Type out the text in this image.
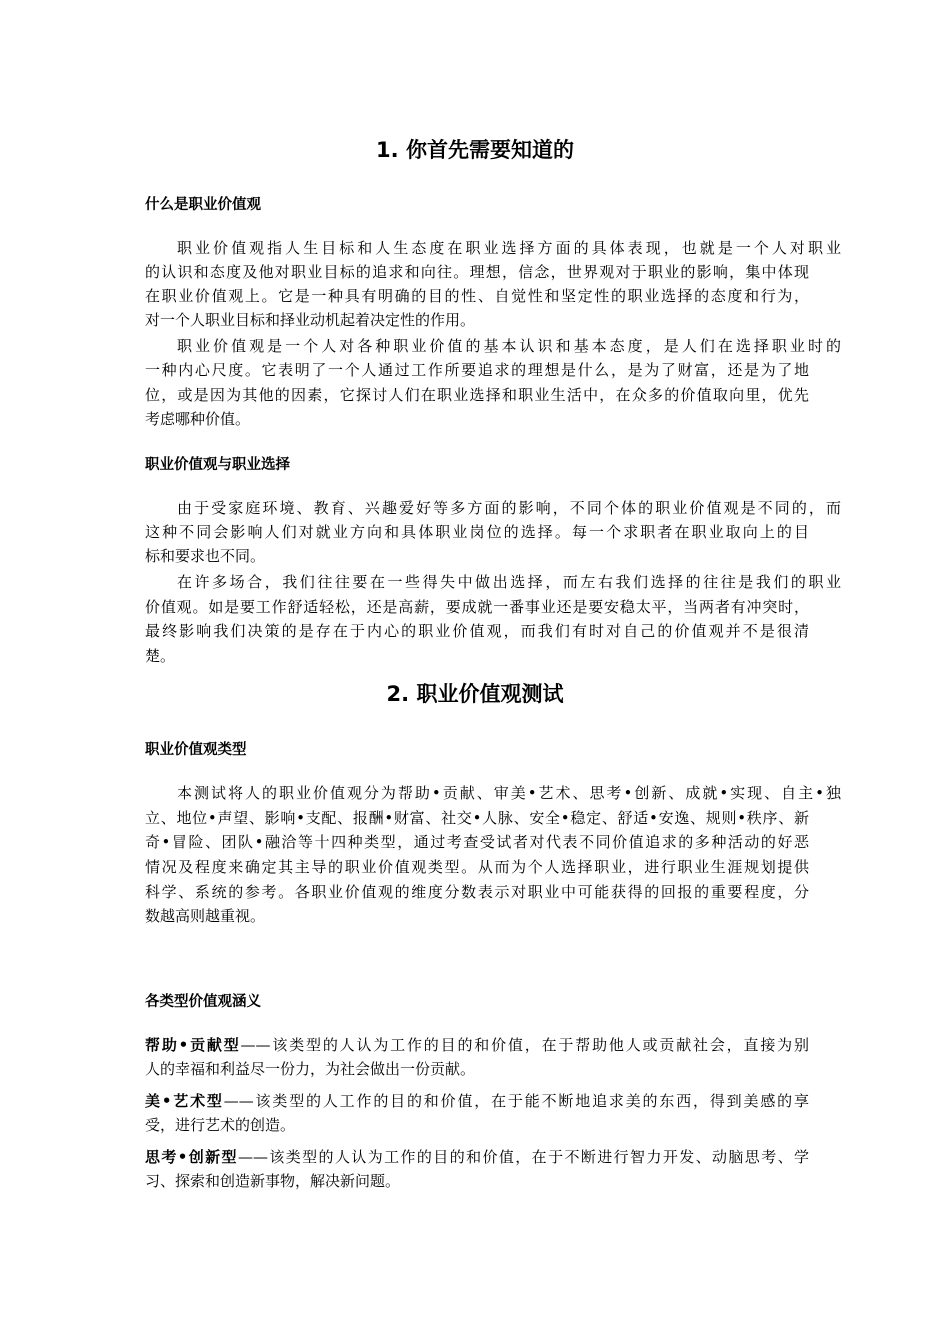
1. 你首先需要知道的
什么是职业价值观
职业价值观指人生目标和人生态度在职业选择方面的具体表现，也就是一个人对职业
的认识和态度及他对职业目标的追求和向往。理想，信念，世界观对于职业的影响，集中体现
在职业价值观上。它是一种具有明确的目的性、自觉性和坚定性的职业选择的态度和行为，
对一个人职业目标和择业动机起着决定性的作用。
职业价值观是一个人对各种职业价值的基本认识和基本态度，是人们在选择职业时的
一种内心尺度。它表明了一个人通过工作所要追求的理想是什么，是为了财富，还是为了地
位，或是因为其他的因素，它探讨人们在职业选择和职业生活中，在众多的价值取向里，优先
考虑哪种价值。
职业价值观与职业选择
由于受家庭环境、教育、兴趣爱好等多方面的影响，不同个体的职业价值观是不同的，而
这种不同会影响人们对就业方向和具体职业岗位的选择。每一个求职者在职业取向上的目
标和要求也不同。
在许多场合，我们往往要在一些得失中做出选择，而左右我们选择的往往是我们的职业
价值观。如是要工作舒适轻松，还是高薪，要成就一番事业还是要安稳太平，当两者有冲突时，
最终影响我们决策的是存在于内心的职业价值观，而我们有时对自己的价值观并不是很清
楚。
2. 职业价值观测试
职业价值观类型
本测试将人的职业价值观分为帮助•贡献、审美•艺术、思考•创新、成就•实现、自主•独
立、地位•声望、影响•支配、报酬•财富、社交•人脉、安全•稳定、舒适•安逸、规则•秩序、新
奇•冒险、团队•融洽等十四种类型，通过考查受试者对代表不同价值追求的多种活动的好恶
情况及程度来确定其主导的职业价值观类型。从而为个人选择职业，进行职业生涯规划提供
科学、系统的参考。各职业价值观的维度分数表示对职业中可能获得的回报的重要程度，分
数越高则越重视。
各类型价值观涵义
帮助•贡献型——该类型的人认为工作的目的和价值，在于帮助他人或贡献社会，直接为别
人的幸福和利益尽一份力，为社会做出一份贡献。
美•艺术型——该类型的人工作的目的和价值，在于能不断地追求美的东西，得到美感的享
受，进行艺术的创造。
思考•创新型——该类型的人认为工作的目的和价值，在于不断进行智力开发、动脑思考、学
习、探索和创造新事物，解决新问题。
